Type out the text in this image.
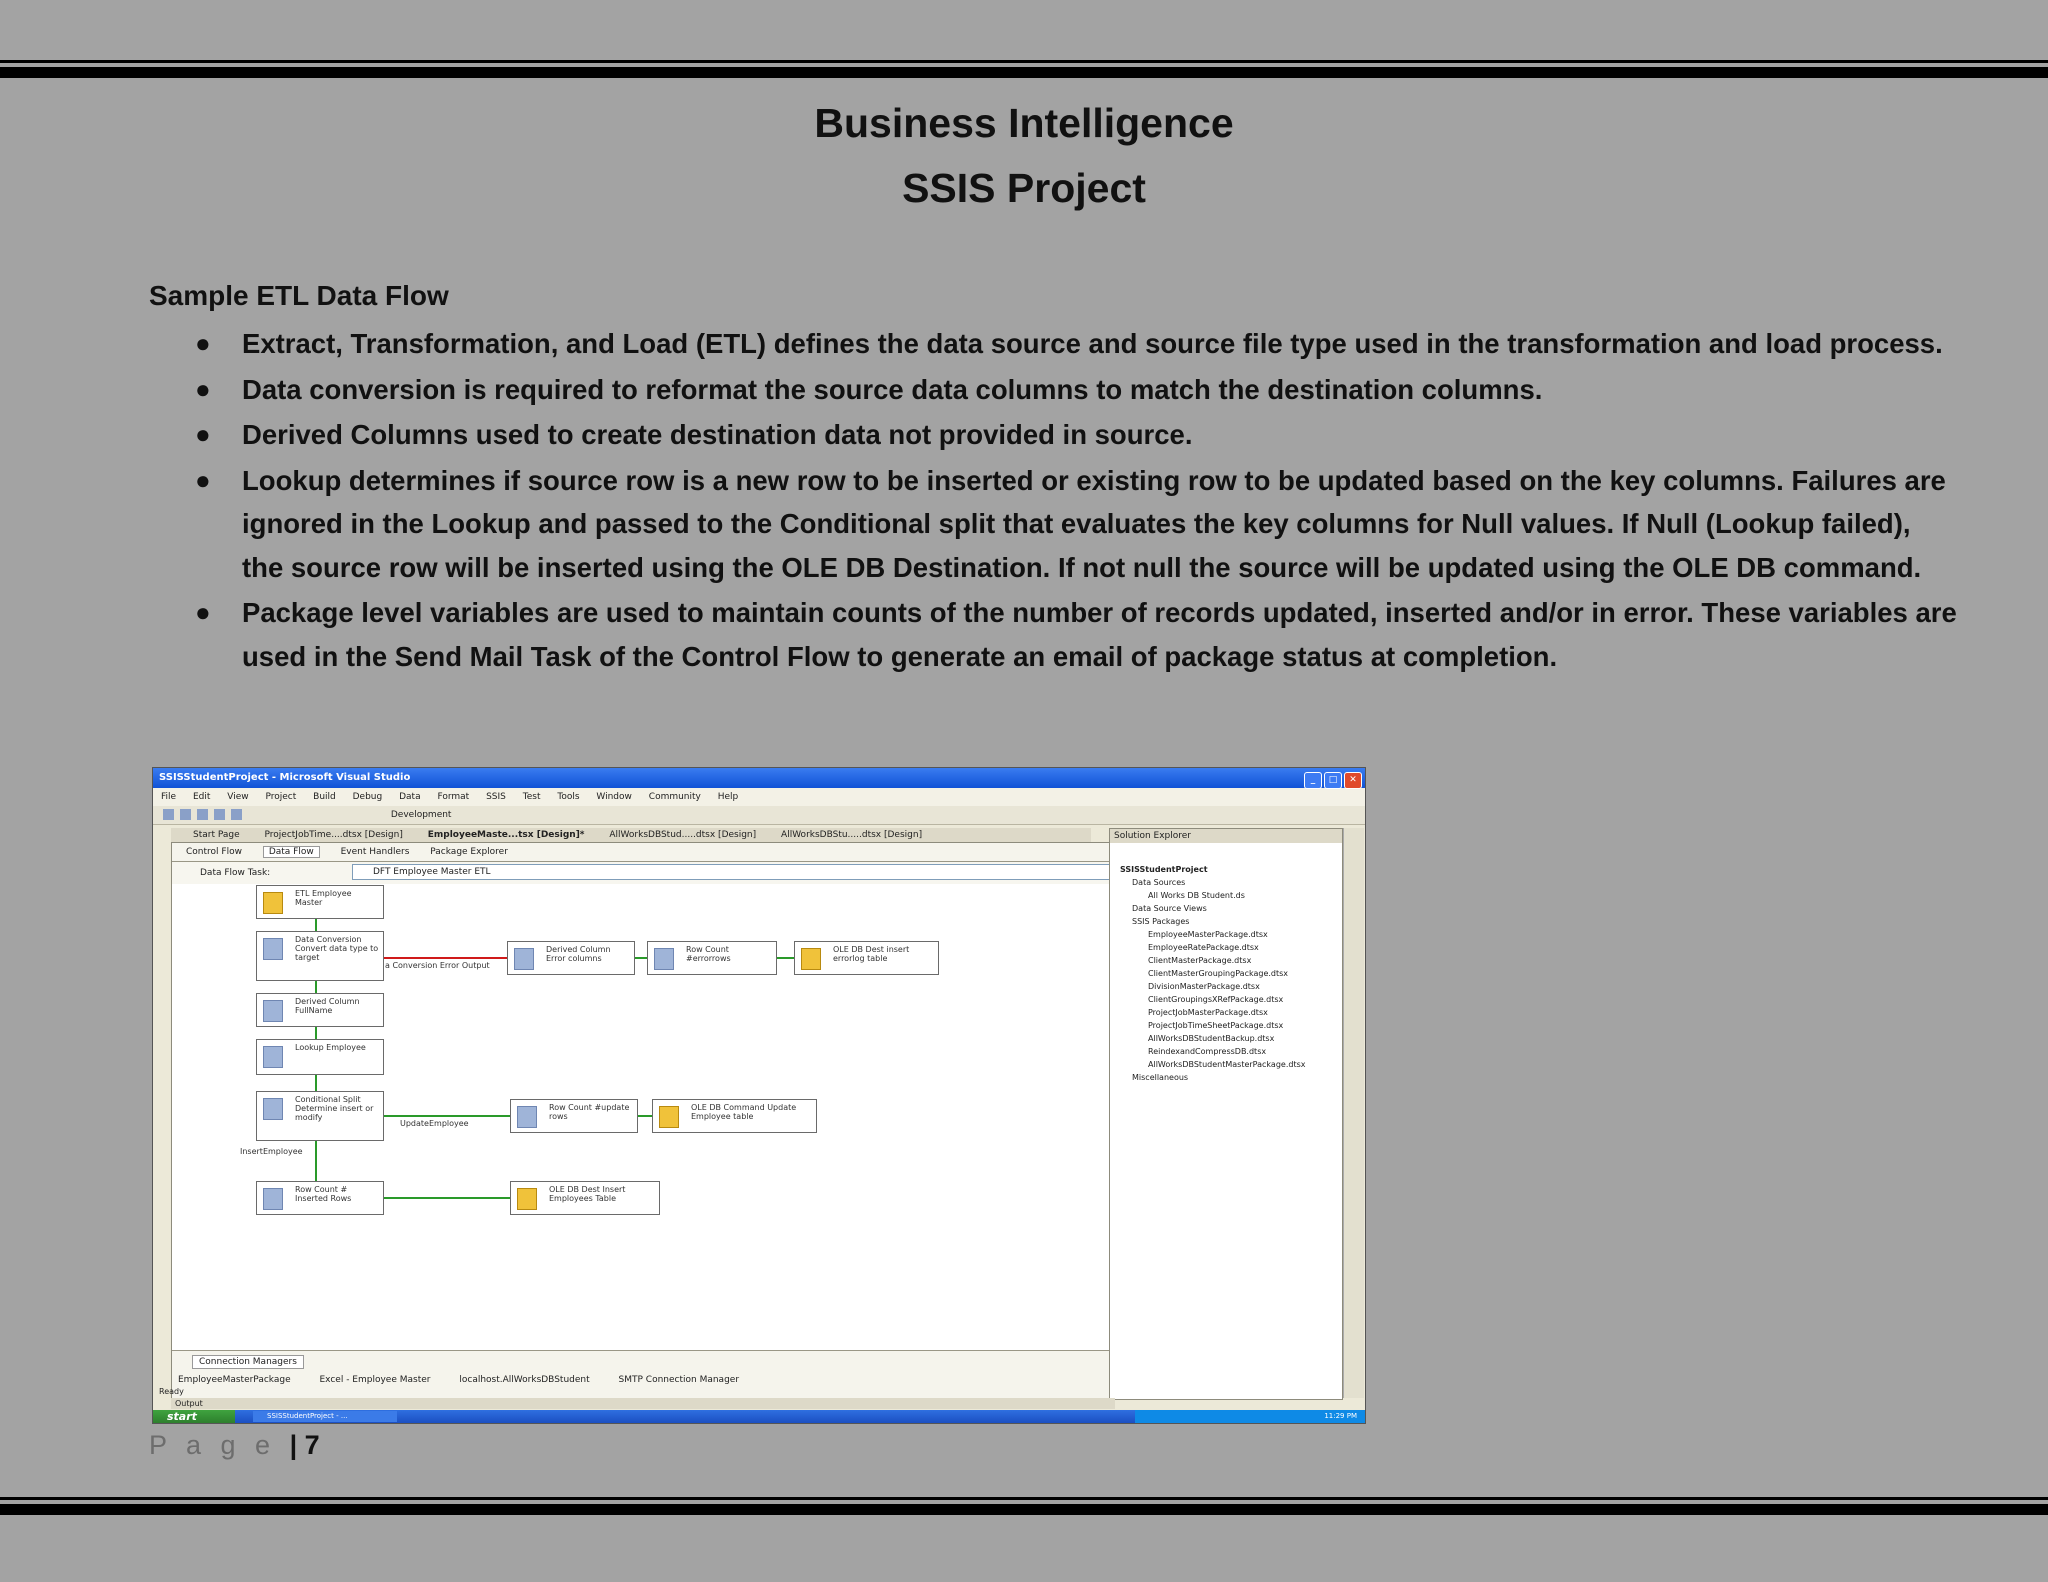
Business Intelligence
SSIS Project
Sample ETL Data Flow
● Extract, Transformation, and Load (ETL) defines the data source and source file type used in the transformation and load process.
● Data conversion is required to reformat the source data columns to match the destination columns.
● Derived Columns used to create destination data not provided in source.
● Lookup determines if source row is a new row to be inserted or existing row to be updated based on the key columns. Failures are ignored in the Lookup and passed to the Conditional split that evaluates the key columns for Null values. If Null (Lookup failed), the source row will be inserted using the OLE DB Destination. If not null the source will be updated using the OLE DB command.
● Package level variables are used to maintain counts of the number of records updated, inserted and/or in error. These variables are used in the Send Mail Task of the Control Flow to generate an email of package status at completion.
SSISStudentProject - Microsoft Visual Studio	_ □ ✕
File Edit View Project Build Debug Data Format SSIS Test Tools Window Community Help
Development
Start Page	ProjectJobTime....dtsx [Design]	EmployeeMaste...tsx [Design]*	AllWorksDBStud.....dtsx [Design]	AllWorksDBStu.....dtsx [Design]
Control Flow	Data Flow	Event Handlers Package Explorer
Data Flow Task:	DFT Employee Master ETL
a Conversion Error Output
UpdateEmployee
InsertEmployee
ETL Employee Master
Data Conversion Convert data type to target
Derived Column Error columns
Row Count #errorrows
OLE DB Dest insert errorlog table
Derived Column FullName
Lookup Employee
Conditional Split Determine insert or modify
Row Count #update rows
OLE DB Command Update Employee table
Row Count # Inserted Rows
OLE DB Dest Insert Employees Table
Connection Managers
EmployeeMasterPackage	Excel - Employee Master	localhost.AllWorksDBStudent	SMTP Connection Manager
Solution Explorer
SSISStudentProject
Data Sources
All Works DB Student.ds
Data Source Views
SSIS Packages
EmployeeMasterPackage.dtsx
EmployeeRatePackage.dtsx
ClientMasterPackage.dtsx
ClientMasterGroupingPackage.dtsx
DivisionMasterPackage.dtsx
ClientGroupingsXRefPackage.dtsx
ProjectJobMasterPackage.dtsx
ProjectJobTimeSheetPackage.dtsx
AllWorksDBStudentBackup.dtsx
ReindexandCompressDB.dtsx
AllWorksDBStudentMasterPackage.dtsx
Miscellaneous
Output
Ready
start	SSISStudentProject - ...	11:29 PM
P a g e | 7
